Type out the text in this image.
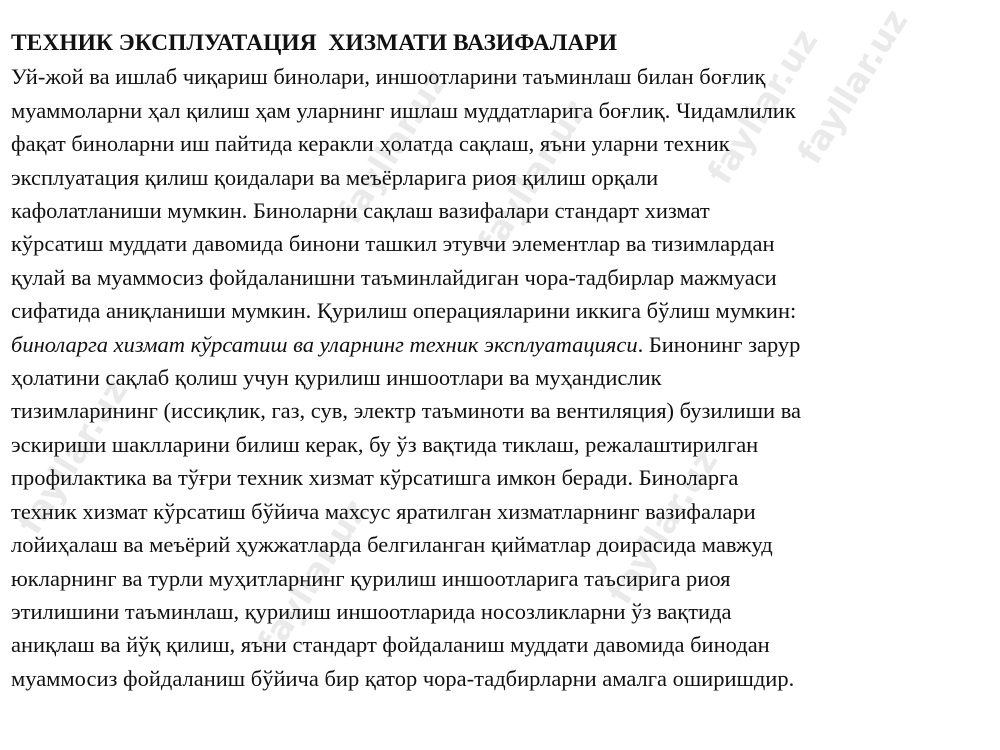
fayllar.uz fayllar.uz	fayllar.uz
fayllar.uz
fayllar.uz
fayllar.uz	fayllar.uz
ТЕХНИК ЭКСПЛУАТАЦИЯ  ХИЗМАТИ ВАЗИФАЛАРИ
Уй-жой ва ишлаб чиқариш бинолари, иншоотларини таъминлаш билан боғлиқ
муаммоларни ҳал қилиш ҳам уларнинг ишлаш муддатларига боғлиқ. Чидамлилик
фақат биноларни иш пайтида керакли ҳолатда сақлаш, яъни уларни техник
эксплуатация қилиш қоидалари ва меъёрларига риоя қилиш орқали
кафолатланиши мумкин. Биноларни сақлаш вазифалари стандарт хизмат
кўрсатиш муддати давомида бинони ташкил этувчи элементлар ва тизимлардан
қулай ва муаммосиз фойдаланишни таъминлайдиган чора-тадбирлар мажмуаси
сифатида аниқланиши мумкин. Қурилиш операцияларини иккига бўлиш мумкин:
биноларга хизмат кўрсатиш ва уларнинг техник эксплуатацияси. Бинонинг зарур
ҳолатини сақлаб қолиш учун қурилиш иншоотлари ва муҳандислик
тизимларининг (иссиқлик, газ, сув, электр таъминоти ва вентиляция) бузилиши ва
эскириши шаклларини билиш керак, бу ўз вақтида тиклаш, режалаштирилган
профилактика ва тўғри техник хизмат кўрсатишга имкон беради. Биноларга
техник хизмат кўрсатиш бўйича махсус яратилган хизматларнинг вазифалари
лойиҳалаш ва меъёрий ҳужжатларда белгиланган қийматлар доирасида мавжуд
юкларнинг ва турли муҳитларнинг қурилиш иншоотларига таъсирига риоя
этилишини таъминлаш, қурилиш иншоотларида носозликларни ўз вақтида
аниқлаш ва йўқ қилиш, яъни стандарт фойдаланиш муддати давомида бинодан
муаммосиз фойдаланиш бўйича бир қатор чора-тадбирларни амалга оширишдир.
